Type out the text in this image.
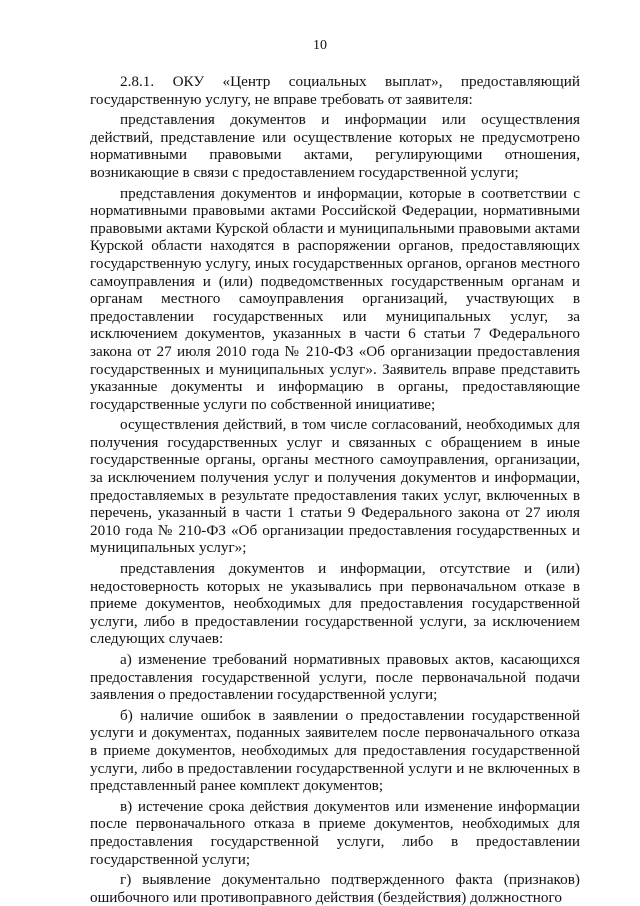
10

2.8.1. ОКУ «Центр социальных выплат», предоставляющий государственную услугу, не вправе требовать от заявителя:

представления документов и информации или осуществления действий, представление или осуществление которых не предусмотрено нормативными правовыми актами, регулирующими отношения, возникающие в связи с предоставлением государственной услуги;

представления документов и информации, которые в соответствии с нормативными правовыми актами Российской Федерации, нормативными правовыми актами Курской области и муниципальными правовыми актами Курской области находятся в распоряжении органов, предоставляющих государственную услугу, иных государственных органов, органов местного самоуправления и (или) подведомственных государственным органам и органам местного самоуправления организаций, участвующих в предоставлении государственных или муниципальных услуг, за исключением документов, указанных в части 6 статьи 7 Федерального закона от 27 июля 2010 года № 210-ФЗ «Об организации предоставления государственных и муниципальных услуг». Заявитель вправе представить указанные документы и информацию в органы, предоставляющие государственные услуги по собственной инициативе;

осуществления действий, в том числе согласований, необходимых для получения государственных услуг и связанных с обращением в иные государственные органы, органы местного самоуправления, организации, за исключением получения услуг и получения документов и информации, предоставляемых в результате предоставления таких услуг, включенных в перечень, указанный в части 1 статьи 9 Федерального закона от 27 июля 2010 года № 210-ФЗ «Об организации предоставления государственных и муниципальных услуг»;

представления документов и информации, отсутствие и (или) недостоверность которых не указывались при первоначальном отказе в приеме документов, необходимых для предоставления государственной услуги, либо в предоставлении государственной услуги, за исключением следующих случаев:

а) изменение требований нормативных правовых актов, касающихся предоставления государственной услуги, после первоначальной подачи заявления о предоставлении государственной услуги;

б) наличие ошибок в заявлении о предоставлении государственной услуги и документах, поданных заявителем после первоначального отказа в приеме документов, необходимых для предоставления государственной услуги, либо в предоставлении государственной услуги и не включенных в представленный ранее комплект документов;

в) истечение срока действия документов или изменение информации после первоначального отказа в приеме документов, необходимых для предоставления государственной услуги, либо в предоставлении государственной услуги;

г) выявление документально подтвержденного факта (признаков) ошибочного или противоправного действия (бездействия) должностного
